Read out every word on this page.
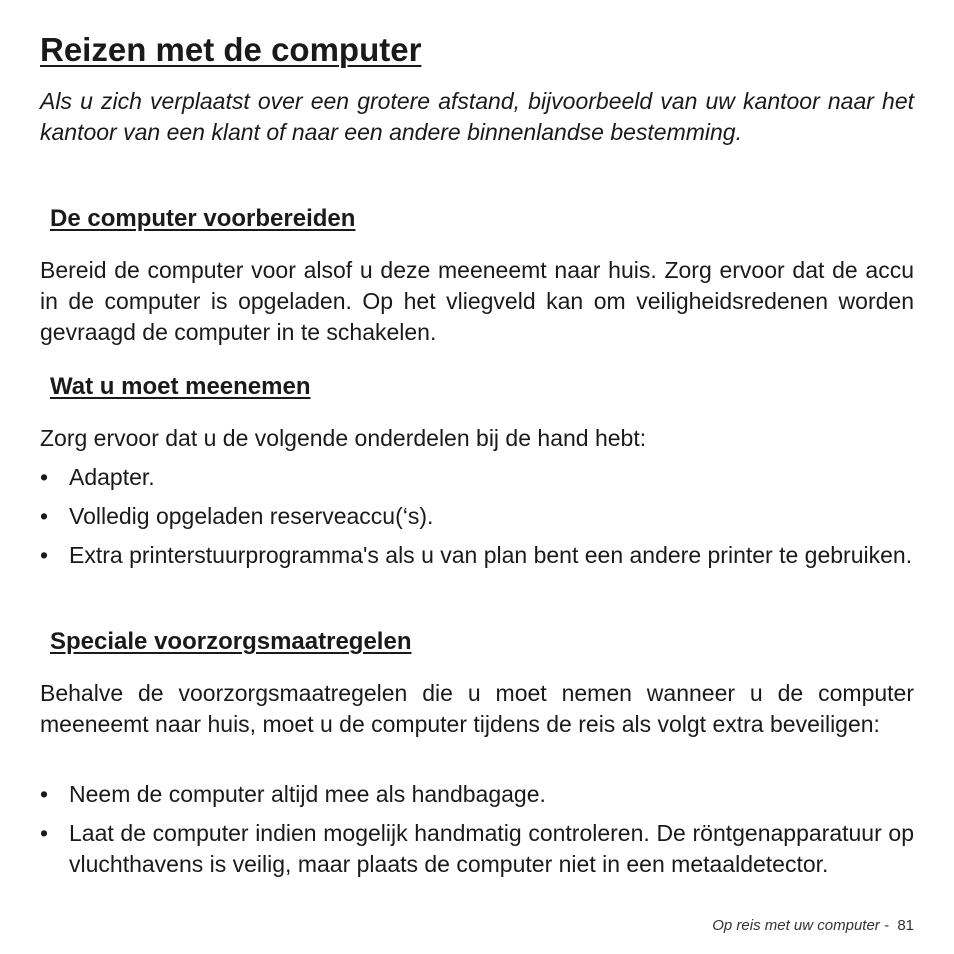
Reizen met de computer

Als u zich verplaatst over een grotere afstand, bijvoorbeeld van uw kantoor naar het kantoor van een klant of naar een andere binnenlandse bestemming.

De computer voorbereiden

Bereid de computer voor alsof u deze meeneemt naar huis. Zorg ervoor dat de accu in de computer is opgeladen. Op het vliegveld kan om veiligheidsredenen worden gevraagd de computer in te schakelen.

Wat u moet meenemen

Zorg ervoor dat u de volgende onderdelen bij de hand hebt:

• Adapter.
• Volledig opgeladen reserveaccu(‘s).
• Extra printerstuurprogramma's als u van plan bent een andere printer te gebruiken.
Speciale voorzorgsmaatregelen

Behalve de voorzorgsmaatregelen die u moet nemen wanneer u de computer meeneemt naar huis, moet u de computer tijdens de reis als volgt extra beveiligen:

• Neem de computer altijd mee als handbagage.
• Laat de computer indien mogelijk handmatig controleren. De röntgenapparatuur op vluchthavens is veilig, maar plaats de computer niet in een metaaldetector.
Op reis met uw computer - 81
